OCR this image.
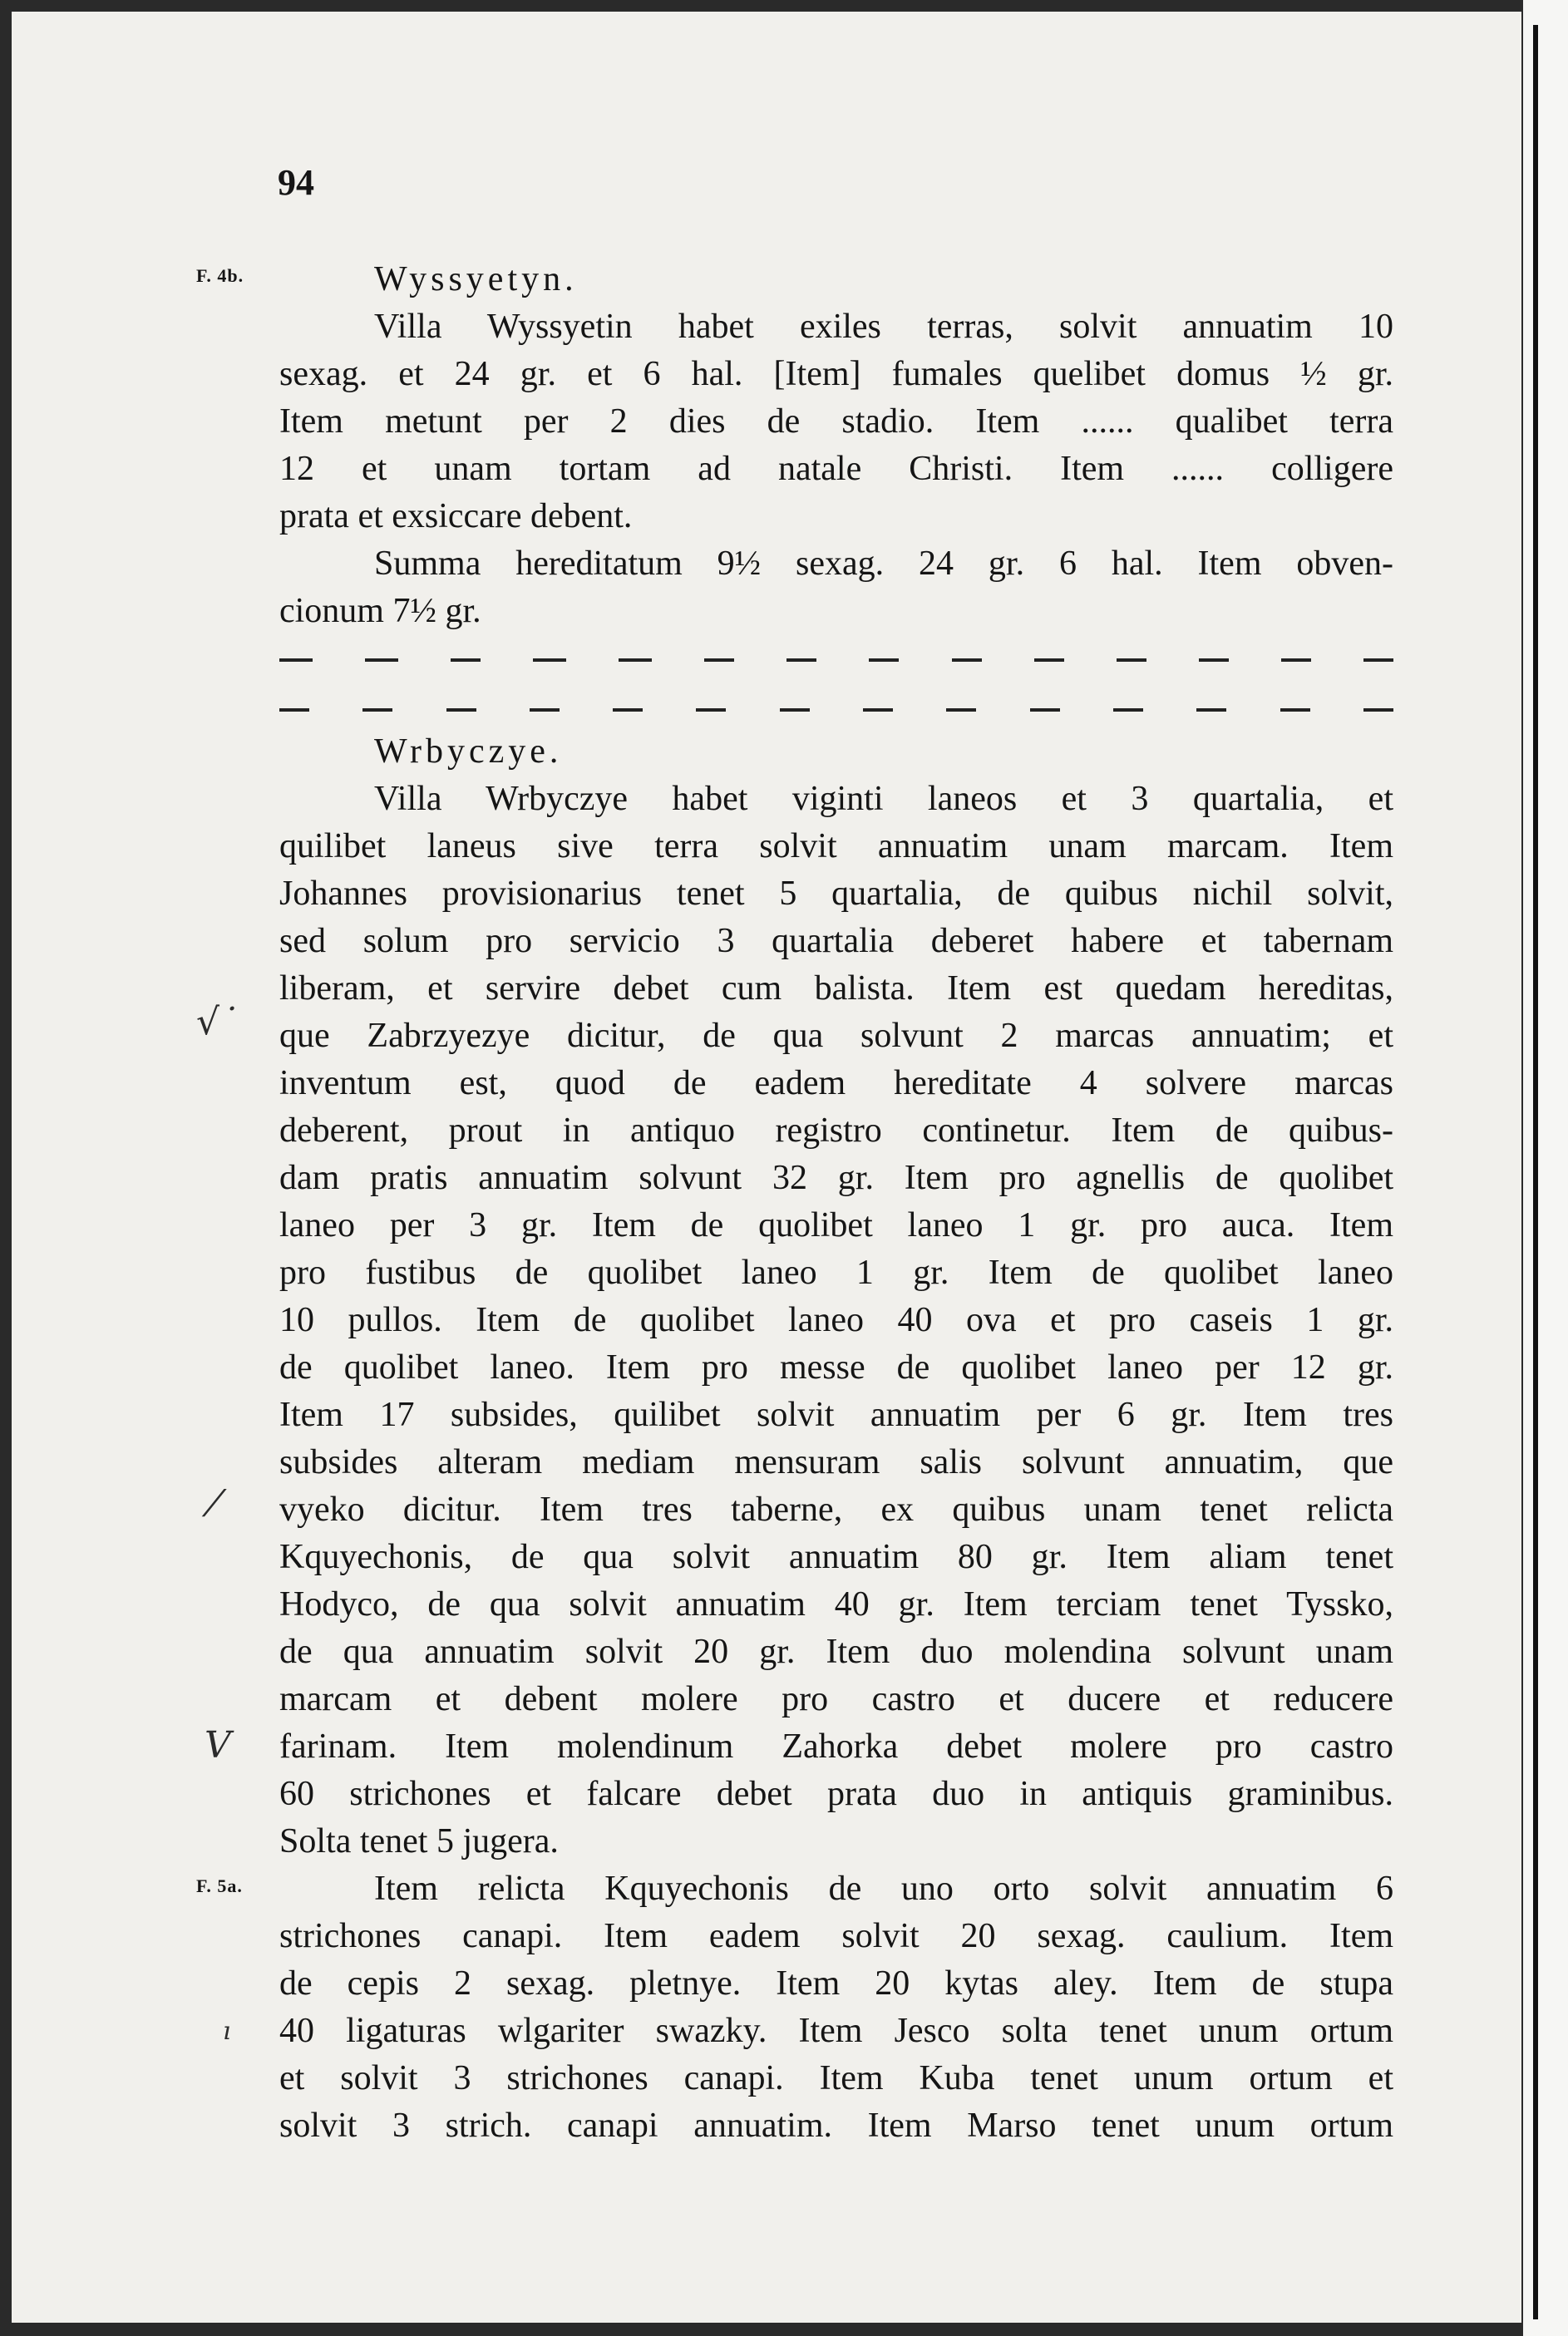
94
F. 4b.
F. 5a.
√˙
⁄
V
ı
Wyssyetyn.
Villa Wyssyetin habet exiles terras, solvit annuatim 10
sexag. et 24 gr. et 6 hal. [Item] fumales quelibet domus ½ gr.
Item metunt per 2 dies de stadio. Item ...... qualibet terra
12 et unam tortam ad natale Christi. Item ...... colligere
prata et exsiccare debent.
Summa hereditatum 9½ sexag. 24 gr. 6 hal. Item obven-
cionum 7½ gr.
Wrbyczye.
Villa Wrbyczye habet viginti laneos et 3 quartalia, et
quilibet laneus sive terra solvit annuatim unam marcam. Item
Johannes provisionarius tenet 5 quartalia, de quibus nichil solvit,
sed solum pro servicio 3 quartalia deberet habere et tabernam
liberam, et servire debet cum balista. Item est quedam hereditas,
que Zabrzyezye dicitur, de qua solvunt 2 marcas annuatim; et
inventum est, quod de eadem hereditate 4 solvere marcas
deberent, prout in antiquo registro continetur. Item de quibus-
dam pratis annuatim solvunt 32 gr. Item pro agnellis de quolibet
laneo per 3 gr. Item de quolibet laneo 1 gr. pro auca. Item
pro fustibus de quolibet laneo 1 gr. Item de quolibet laneo
10 pullos. Item de quolibet laneo 40 ova et pro caseis 1 gr.
de quolibet laneo. Item pro messe de quolibet laneo per 12 gr.
Item 17 subsides, quilibet solvit annuatim per 6 gr. Item tres
subsides alteram mediam mensuram salis solvunt annuatim, que
vyeko dicitur. Item tres taberne, ex quibus unam tenet relicta
Kquyechonis, de qua solvit annuatim 80 gr. Item aliam tenet
Hodyco, de qua solvit annuatim 40 gr. Item terciam tenet Tyssko,
de qua annuatim solvit 20 gr. Item duo molendina solvunt unam
marcam et debent molere pro castro et ducere et reducere
farinam. Item molendinum Zahorka debet molere pro castro
60 strichones et falcare debet prata duo in antiquis graminibus.
Solta tenet 5 jugera.
Item relicta Kquyechonis de uno orto solvit annuatim 6
strichones canapi. Item eadem solvit 20 sexag. caulium. Item
de cepis 2 sexag. pletnye. Item 20 kytas aley. Item de stupa
40 ligaturas wlgariter swazky. Item Jesco solta tenet unum ortum
et solvit 3 strichones canapi. Item Kuba tenet unum ortum et
solvit 3 strich. canapi annuatim. Item Marso tenet unum ortum
